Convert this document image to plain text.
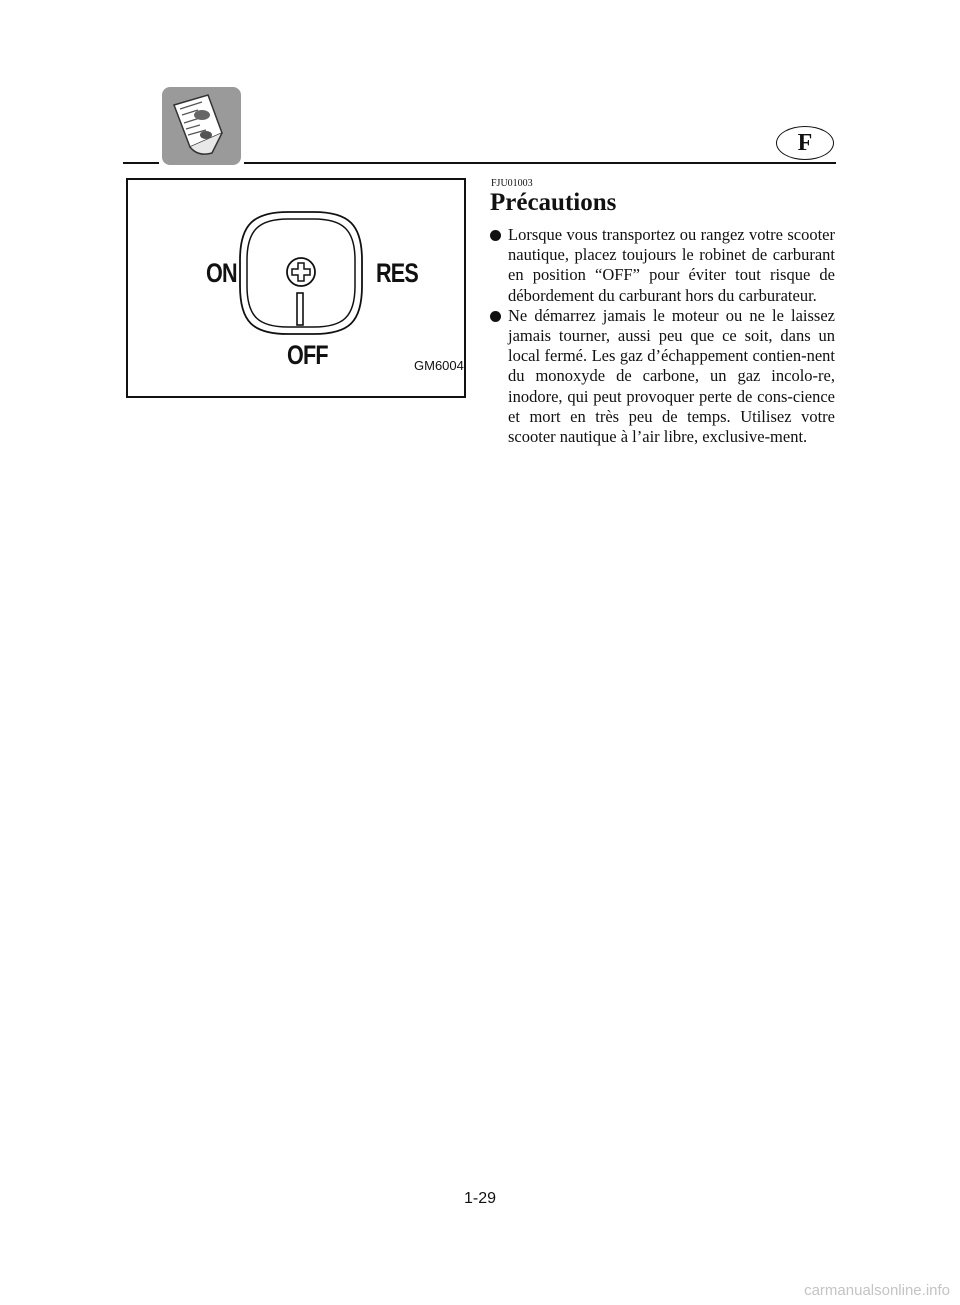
F
ON	RES
OFF	GM6004
FJU01003
Précautions
Lorsque vous transportez ou rangez votre scooter nautique, placez toujours le robinet de carburant en position “OFF” pour éviter tout risque de débordement du carburant hors du carburateur.
Ne démarrez jamais le moteur ou ne le laissez jamais tourner, aussi peu que ce soit, dans un local fermé. Les gaz d’échappement contien-nent du monoxyde de carbone, un gaz incolo-re, inodore, qui peut provoquer perte de cons-cience et mort en très peu de temps. Utilisez votre scooter nautique à l’air libre, exclusive-ment.
1-29
carmanualsonline.info
